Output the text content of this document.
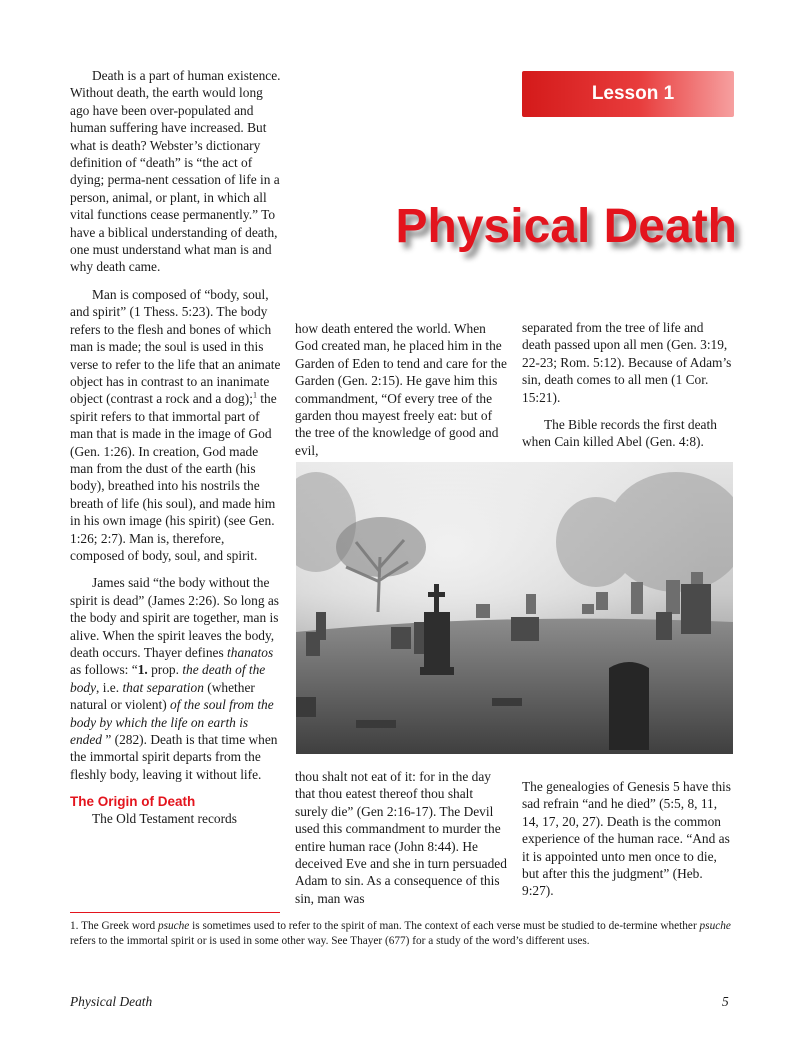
Lesson 1
Physical Death

Death is a part of human existence. Without death, the earth would long ago have been over-populated and human suffering have increased. But what is death? Webster’s dictionary definition of “death” is “the act of dying; perma-nent cessation of life in a person, animal, or plant, in which all vital functions cease permanently.” To have a biblical understanding of death, one must understand what man is and why death came.

Man is composed of “body, soul, and spirit” (1 Thess. 5:23). The body refers to the flesh and bones of which man is made; the soul is used in this verse to refer to the life that an animate object has in contrast to an inanimate object (contrast a rock and a dog);$^1$ the spirit refers to that immortal part of man that is made in the image of God (Gen. 1:26). In creation, God made man from the dust of the earth (his body), breathed into his nostrils the breath of life (his soul), and made him in his own image (his spirit) (see Gen. 1:26; 2:7). Man is, therefore, composed of body, soul, and spirit.

James said “the body without the spirit is dead” (James 2:26). So long as the body and spirit are together, man is alive. When the spirit leaves the body, death occurs. Thayer defines thanatos as follows: “1. prop. the death of the body, i.e. that separation (whether natural or violent) of the soul from the body by which the life on earth is ended ” (282). Death is that time when the immortal spirit departs from the fleshly body, leaving it without life.

The Origin of Death

The Old Testament records

how death entered the world. When God created man, he placed him in the Garden of Eden to tend and care for the Garden (Gen. 2:15). He gave him this commandment, “Of every tree of the garden thou mayest freely eat: but of the tree of the knowledge of good and evil,

separated from the tree of life and death passed upon all men (Gen. 3:19, 22-23; Rom. 5:12). Because of Adam’s sin, death comes to all men (1 Cor. 15:21).

The Bible records the first death when Cain killed Abel (Gen. 4:8).

thou shalt not eat of it: for in the day that thou eatest thereof thou shalt surely die” (Gen 2:16-17). The Devil used this commandment to murder the entire human race (John 8:44). He deceived Eve and she in turn persuaded Adam to sin. As a consequence of this sin, man was

The genealogies of Genesis 5 have this sad refrain “and he died” (5:5, 8, 11, 14, 17, 20, 27). Death is the common experience of the human race. “And as it is appointed unto men once to die, but after this the judgment” (Heb. 9:27).

1. The Greek word psuche is sometimes used to refer to the spirit of man. The context of each verse must be studied to de-termine whether psuche refers to the immortal spirit or is used in some other way. See Thayer (677) for a study of the word’s different uses.
Physical Death	5
